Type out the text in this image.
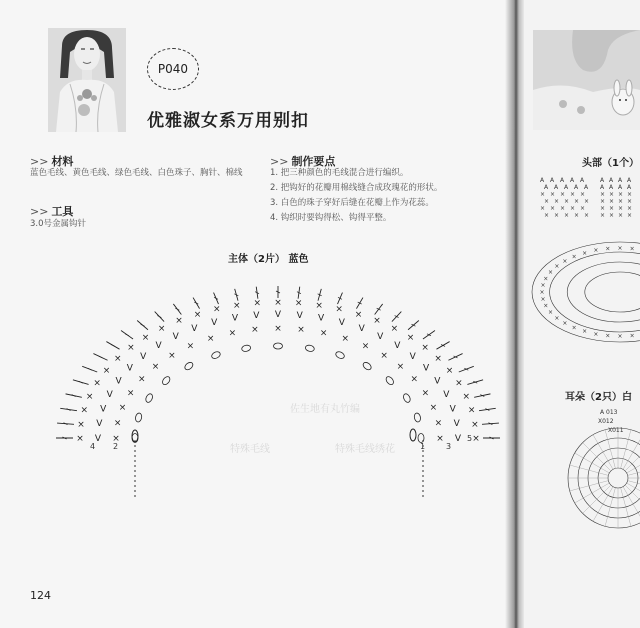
佐生地有丸竹编
特殊毛线绣花
特殊毛线
P040
优雅淑女系万用别扣
>> 材料
蓝色毛线、黄色毛线、绿色毛线、白色珠子、胸针、棉线
>> 工具
3.0号金属钩针
>> 制作要点
1. 把三种颜色的毛线混合进行编织。
2. 把钩好的花瓣用棉线缝合成玫瑰花的形状。
3. 白色的珠子穿好后缝在花瓣上作为花蕊。
4. 钩织时要钩得松、钩得平整。
主体（2片） 蓝色
×
×
×
×
×
×
×
×
×
× × × × ×
×
×
×
×
×
×
×
×
×
V
V
V
V
V
V
V
V
V
V
V V V V V V V
V
V
V
V
V
V
V
V
V
V
×
×
×
×
×
×
×
×
×
×
×
×
× × × × × × ×
×
×
×
×
×
×
×
×
×
×
×
×
4 2	1	3
5
124
头部（1个）
耳朵（2只）白
A A A A A
A A A A A
× × × × ×
× × × × ×
× × × × ×
× × × × ×
A A A A
A A A A
× × × ×
× × × ×
× × × ×
× × × ×
×
×
×
×
×
×
×
×
×
×
×
×
×
×
×
×
×
×
× × × × ×
A 013
X012
X011
